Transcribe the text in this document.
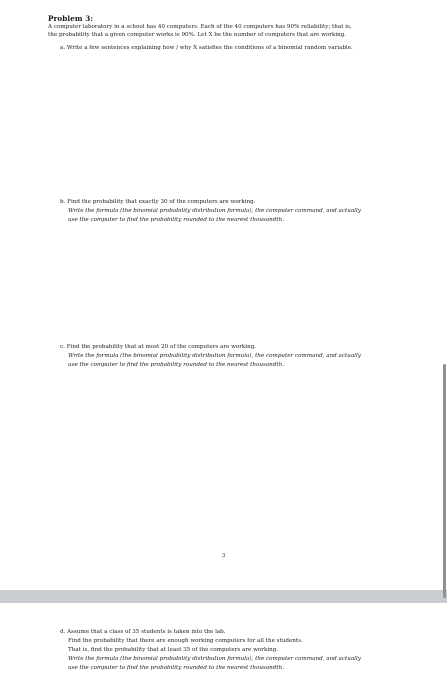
Problem 3:
A computer laboratory in a school has 40 computers. Each of the 40 computers has 90% reliability; that is,
the probability that a given computer works is 90%. Let X be the number of computers that are working.
a. Write a few sentences explaining how / why X satisfies the conditions of a binomial random variable.
b. Find the probability that exactly 30 of the computers are working.
Write the formula (the binomial probability distribution formula), the computer command, and actually
use the computer to find the probability rounded to the nearest thousandth.
c. Find the probability that at most 20 of the computers are working.
Write the formula (the binomial probability distribution formula), the computer command, and actually
use the computer to find the probability rounded to the nearest thousandth.
3
d. Assume that a class of 35 students is taken into the lab.
Find the probability that there are enough working computers for all the students.
That is, find the probability that at least 35 of the computers are working.
Write the formula (the binomial probability distribution formula), the computer command, and actually
use the computer to find the probability rounded to the nearest thousandth.
